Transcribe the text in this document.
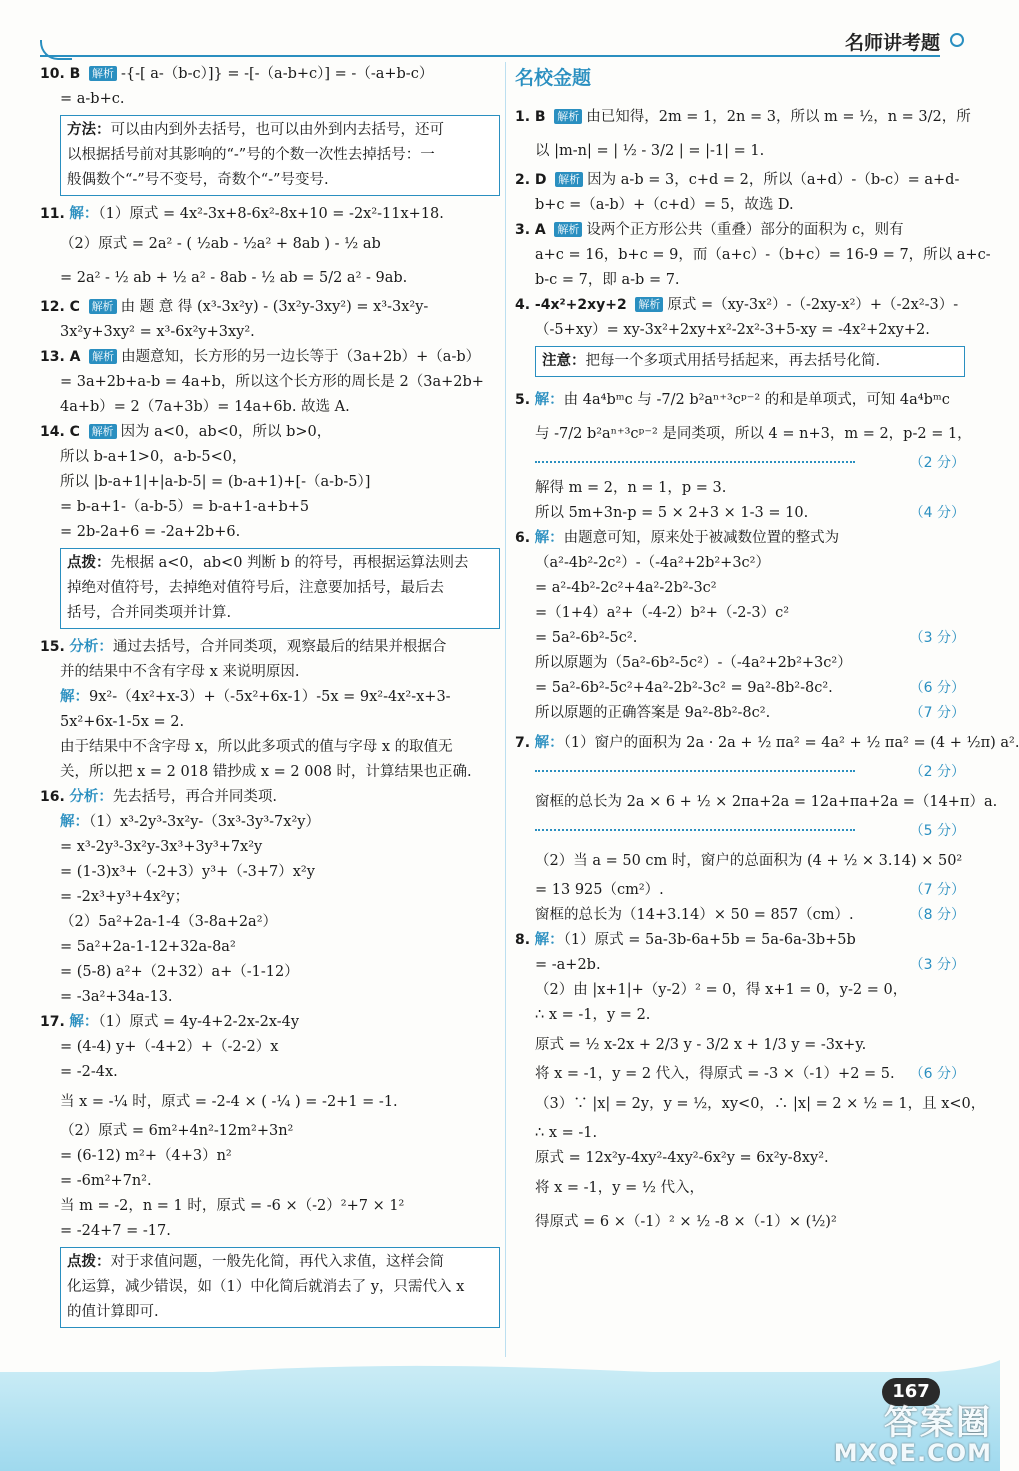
名师讲考题
10. B 解析 -{-[ a-（b-c）]} = -[-（a-b+c）] = -（-a+b-c）
= a-b+c.
方法：可以由内到外去括号，也可以由外到内去括号，还可
以根据括号前对其影响的“-”号的个数一次性去掉括号：一
般偶数个“-”号不变号，奇数个“-”号变号.
11. 解：（1）原式 = 4x²-3x+8-6x²-8x+10 = -2x²-11x+18.
（2）原式 = 2a² - ( ½ab - ½a² + 8ab ) - ½ ab
= 2a² - ½ ab + ½ a² - 8ab - ½ ab = 5/2 a² - 9ab.
12. C 解析 由 题 意 得 (x³-3x²y) - (3x²y-3xy²) = x³-3x²y-
3x²y+3xy² = x³-6x²y+3xy².
13. A 解析 由题意知，长方形的另一边长等于（3a+2b）+（a-b）
= 3a+2b+a-b = 4a+b，所以这个长方形的周长是 2（3a+2b+
4a+b）= 2（7a+3b）= 14a+6b. 故选 A.
14. C 解析 因为 a<0，ab<0，所以 b>0，
所以 b-a+1>0，a-b-5<0，
所以 |b-a+1|+|a-b-5| = (b-a+1)+[-（a-b-5）]
= b-a+1-（a-b-5）= b-a+1-a+b+5
= 2b-2a+6 = -2a+2b+6.
点拨：先根据 a<0，ab<0 判断 b 的符号，再根据运算法则去
掉绝对值符号，去掉绝对值符号后，注意要加括号，最后去
括号，合并同类项并计算.
15. 分析：通过去括号，合并同类项，观察最后的结果并根据合
并的结果中不含有字母 x 来说明原因.
解：9x²-（4x²+x-3）+（-5x²+6x-1）-5x = 9x²-4x²-x+3-
5x²+6x-1-5x = 2.
由于结果中不含字母 x，所以此多项式的值与字母 x 的取值无
关，所以把 x = 2 018 错抄成 x = 2 008 时，计算结果也正确.
16. 分析：先去括号，再合并同类项.
解：（1）x³-2y³-3x²y-（3x³-3y³-7x²y）
= x³-2y³-3x²y-3x³+3y³+7x²y
= (1-3)x³+（-2+3）y³+（-3+7）x²y
= -2x³+y³+4x²y；
（2）5a²+2a-1-4（3-8a+2a²）
= 5a²+2a-1-12+32a-8a²
= (5-8) a²+（2+32）a+（-1-12）
= -3a²+34a-13.
17. 解：（1）原式 = 4y-4+2-2x-2x-4y
= (4-4) y+（-4+2）+（-2-2）x
= -2-4x.
当 x = -¼ 时，原式 = -2-4 × ( -¼ ) = -2+1 = -1.
（2）原式 = 6m²+4n²-12m²+3n²
= (6-12) m²+（4+3）n²
= -6m²+7n².
当 m = -2，n = 1 时，原式 = -6 ×（-2）²+7 × 1²
= -24+7 = -17.
点拨：对于求值问题，一般先化简，再代入求值，这样会简
化运算，减少错误，如（1）中化简后就消去了 y，只需代入 x
的值计算即可.
名校金题
1. B 解析 由已知得，2m = 1，2n = 3，所以 m = ½，n = 3/2，所
以 |m-n| = | ½ - 3/2 | = |-1| = 1.
2. D 解析 因为 a-b = 3，c+d = 2，所以（a+d）-（b-c）= a+d-
b+c =（a-b）+（c+d）= 5，故选 D.
3. A 解析 设两个正方形公共（重叠）部分的面积为 c，则有
a+c = 16，b+c = 9，而（a+c）-（b+c）= 16-9 = 7，所以 a+c-
b-c = 7，即 a-b = 7.
4. -4x²+2xy+2 解析 原式 =（xy-3x²）-（-2xy-x²）+（-2x²-3）-
（-5+xy）= xy-3x²+2xy+x²-2x²-3+5-xy = -4x²+2xy+2.
注意：把每一个多项式用括号括起来，再去括号化简.
5. 解：由 4a⁴bᵐc 与 -7/2 b²aⁿ⁺³cᵖ⁻² 的和是单项式，可知 4a⁴bᵐc
与 -7/2 b²aⁿ⁺³cᵖ⁻² 是同类项，所以 4 = n+3，m = 2，p-2 = 1，
（2 分）
解得 m = 2，n = 1，p = 3.
（4 分）
所以 5m+3n-p = 5 × 2+3 × 1-3 = 10.
6. 解：由题意可知，原来处于被减数位置的整式为
（a²-4b²-2c²）-（-4a²+2b²+3c²）
= a²-4b²-2c²+4a²-2b²-3c²
=（1+4）a²+（-4-2）b²+（-2-3）c²
（3 分）
= 5a²-6b²-5c².
所以原题为（5a²-6b²-5c²）-（-4a²+2b²+3c²）
（6 分）
= 5a²-6b²-5c²+4a²-2b²-3c² = 9a²-8b²-8c².
（7 分）
所以原题的正确答案是 9a²-8b²-8c².
7. 解：（1）窗户的面积为 2a · 2a + ½ πa² = 4a² + ½ πa² = (4 + ½π) a².
（2 分）
窗框的总长为 2a × 6 + ½ × 2πa+2a = 12a+πa+2a =（14+π）a.
（5 分）
（2）当 a = 50 cm 时，窗户的总面积为 (4 + ½ × 3.14) × 50²
（7 分）
= 13 925（cm²）.
（8 分）
窗框的总长为（14+3.14）× 50 = 857（cm）.
8. 解：（1）原式 = 5a-3b-6a+5b = 5a-6a-3b+5b
（3 分）
= -a+2b.
（2）由 |x+1|+（y-2）² = 0，得 x+1 = 0，y-2 = 0，
∴ x = -1，y = 2.
原式 = ½ x-2x + 2/3 y - 3/2 x + 1/3 y = -3x+y.
（6 分）
将 x = -1，y = 2 代入，得原式 = -3 ×（-1）+2 = 5.
（3）∵ |x| = 2y，y = ½，xy<0，∴ |x| = 2 × ½ = 1，且 x<0，
∴ x = -1.
原式 = 12x²y-4xy²-4xy²-6x²y = 6x²y-8xy².
将 x = -1，y = ½ 代入，
得原式 = 6 ×（-1）² × ½ -8 ×（-1）× (½)²
167
答案圈
MXQE.COM
